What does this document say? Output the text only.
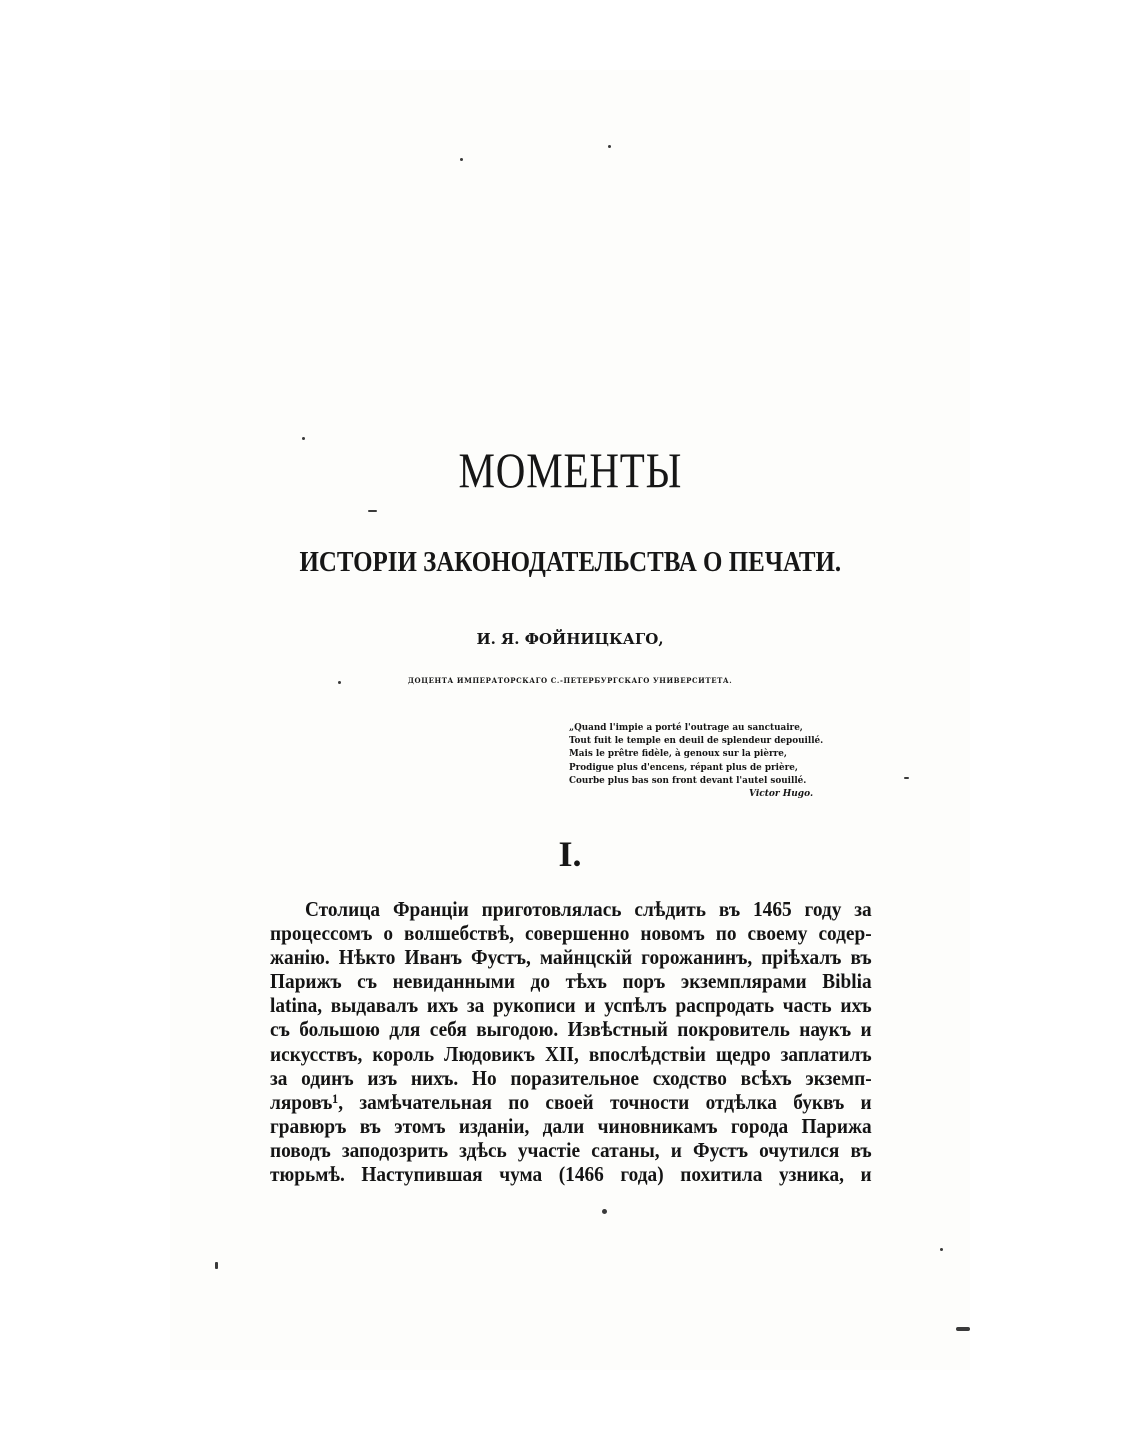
МОМЕНТЫ
ИСТОРІИ ЗАКОНОДАТЕЛЬСТВА О ПЕЧАТИ.

И. Я. ФОЙНИЦКАГО,

ДОЦЕНТА ИМПЕРАТОРСКАГО С.-ПЕТЕРБУРГСКАГО УНИВЕРСИТЕТА.

„Quand l'impie a porté l'outrage au sanctuaire,
Tout fuit le temple en deuil de splendeur depouillé.
Mais le prêtre fidèle, à genoux sur la pièrre,
Prodigue plus d'encens, répant plus de prière,
Courbe plus bas son front devant l'autel souillé.
Victor Hugo.
I.
Столица Франціи приготовлялась слѣдить въ 1465 году за
процессомъ о волшебствѣ, совершенно новомъ по своему содер-
жанію. Нѣкто Иванъ Фустъ, майнцскій горожанинъ, пріѣхалъ въ
Парижъ съ невиданными до тѣхъ поръ экземплярами Biblia
latina, выдавалъ ихъ за рукописи и успѣлъ распродать часть ихъ
съ большою для себя выгодою. Извѣстный покровитель наукъ и
искусствъ, король Людовикъ XII, впослѣдствіи щедро заплатилъ
за одинъ изъ нихъ. Но поразительное сходство всѣхъ экземп-
ляровъ¹, замѣчательная по своей точности отдѣлка буквъ и
гравюръ въ этомъ изданіи, дали чиновникамъ города Парижа
поводъ заподозрить здѣсь участіе сатаны, и Фустъ очутился въ
тюрьмѣ. Наступившая чума (1466 года) похитила узника, и
